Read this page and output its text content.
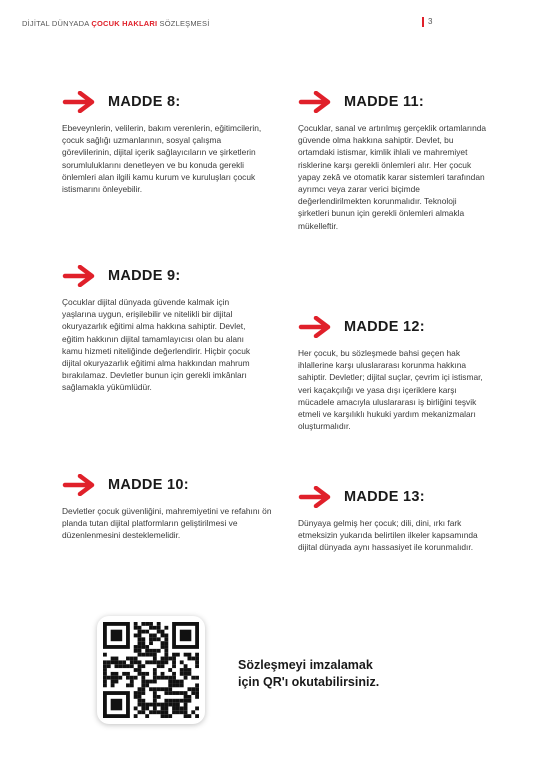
DİJİTAL DÜNYADA ÇOCUK HAKLARI SÖZLEŞMESİ	3
MADDE 8:
Ebeveynlerin, velilerin, bakım verenlerin, eğitimcilerin, çocuk sağlığı uzmanlarının, sosyal çalışma görevlilerinin, dijital içerik sağlayıcıların ve şirketlerin sorumluluklarını denetleyen ve bu konuda gerekli önlemleri alan ilgili kamu kurum ve kuruluşları çocuk istismarını önleyebilir.
MADDE 9:
Çocuklar dijital dünyada güvende kalmak için yaşlarına uygun, erişilebilir ve nitelikli bir dijital okuryazarlık eğitimi alma hakkına sahiptir. Devlet, eğitim hakkının dijital tamamlayıcısı olan bu alanı kamu hizmeti niteliğinde değerlendirir. Hiçbir çocuk dijital okuryazarlık eğitimi alma hakkından mahrum bırakılamaz. Devletler bunun için gerekli imkânları sağlamakla yükümlüdür.
MADDE 10:
Devletler çocuk güvenliğini, mahremiyetini ve refahını ön planda tutan dijital platformların geliştirilmesi ve düzenlenmesini desteklemelidir.
MADDE 11:
Çocuklar, sanal ve artırılmış gerçeklik ortamlarında güvende olma hakkına sahiptir. Devlet, bu ortamdaki istismar, kimlik ihlali ve mahremiyet risklerine karşı gerekli önlemleri alır. Her çocuk yapay zekâ ve otomatik karar sistemleri tarafından ayrımcı veya zarar verici biçimde değerlendirilmekten korunmalıdır. Teknoloji şirketleri bunun için gerekli önlemleri almakla mükelleftir.
MADDE 12:
Her çocuk, bu sözleşmede bahsi geçen hak ihlallerine karşı uluslararası korunma hakkına sahiptir. Devletler; dijital suçlar, çevrim içi istismar, veri kaçakçılığı ve yasa dışı içeriklere karşı mücadele amacıyla uluslararası iş birliğini teşvik etmeli ve karşılıklı hukuki yardım mekanizmaları oluşturmalıdır.
MADDE 13:
Dünyaya gelmiş her çocuk; dili, dini, ırkı fark etmeksizin yukarıda belirtilen ilkeler kapsamında dijital dünyada aynı hassasiyet ile korunmalıdır.
Sözleşmeyi imzalamak
için QR'ı okutabilirsiniz.
